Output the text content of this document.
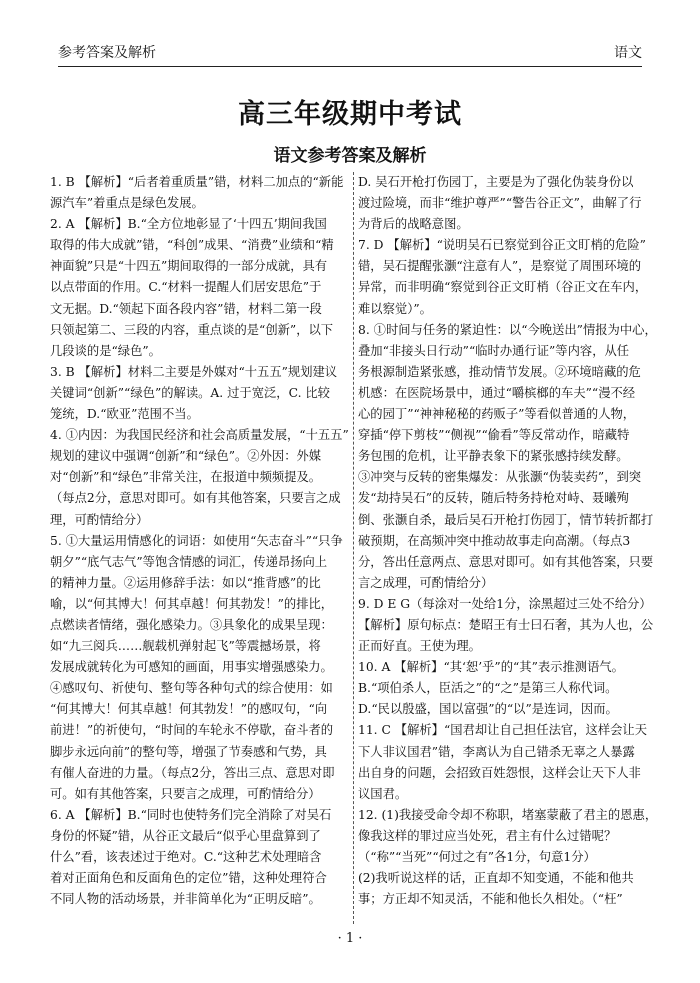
参考答案及解析	语文
高三年级期中考试
语文参考答案及解析
1. B 【解析】“后者着重质量”错，材料二加点的“新能
源汽车”着重点是绿色发展。
2. A 【解析】B.“全方位地彰显了‘十四五’期间我国
取得的伟大成就”错，“科创”成果、“消费”业绩和“精
神面貌”只是“十四五”期间取得的一部分成就，具有
以点带面的作用。C.“材料一提醒人们居安思危”于
文无据。D.“领起下面各段内容”错，材料二第一段
只领起第二、三段的内容，重点谈的是“创新”，以下
几段谈的是“绿色”。
3. B 【解析】材料二主要是外媒对“十五五”规划建议
关键词“创新”“绿色”的解读。A. 过于宽泛，C. 比较
笼统，D.“欧亚”范围不当。
4. ①内因：为我国民经济和社会高质量发展，“十五五”
规划的建议中强调“创新”和“绿色”。②外因：外媒
对“创新”和“绿色”非常关注，在报道中频频提及。
（每点2分，意思对即可。如有其他答案，只要言之成
理，可酌情给分）
5. ①大量运用情感化的词语：如使用“矢志奋斗”“只争
朝夕”“底气志气”等饱含情感的词汇，传递昂扬向上
的精神力量。②运用修辞手法：如以“推背感”的比
喻，以“何其博大！何其卓越！何其勃发！”的排比，
点燃读者情绪，强化感染力。③具象化的成果呈现：
如“九三阅兵……舰载机弹射起飞”等震撼场景，将
发展成就转化为可感知的画面，用事实增强感染力。
④感叹句、祈使句、整句等各种句式的综合使用：如
“何其博大！何其卓越！何其勃发！”的感叹句，“向
前进！”的祈使句，“时间的车轮永不停歇，奋斗者的
脚步永远向前”的整句等，增强了节奏感和气势，具
有催人奋进的力量。（每点2分，答出三点、意思对即
可。如有其他答案，只要言之成理，可酌情给分）
6. A 【解析】B.“同时也使特务们完全消除了对吴石
身份的怀疑”错，从谷正文最后“似乎心里盘算到了
什么”看，该表述过于绝对。C.“这种艺术处理暗含
着对正面角色和反面角色的定位”错，这种处理符合
不同人物的活动场景，并非简单化为“正明反暗”。
D. 吴石开枪打伤园丁，主要是为了强化伪装身份以
渡过险境，而非“维护尊严”“警告谷正文”，曲解了行
为背后的战略意图。
7. D 【解析】“说明吴石已察觉到谷正文盯梢的危险”
错，吴石提醒张灏“注意有人”，是察觉了周围环境的
异常，而非明确“察觉到谷正文盯梢（谷正文在车内，
难以察觉）”。
8. ①时间与任务的紧迫性：以“今晚送出”情报为中心，
叠加“非接头日行动”“临时办通行证”等内容，从任
务根源制造紧张感，推动情节发展。②环境暗藏的危
机感：在医院场景中，通过“嚼槟榔的车夫”“漫不经
心的园丁”“神神秘秘的药贩子”等看似普通的人物，
穿插“停下剪枝”“侧视”“偷看”等反常动作，暗藏特
务包围的危机，让平静表象下的紧张感持续发酵。
③冲突与反转的密集爆发：从张灏“伪装卖药”，到突
发“劫持吴石”的反转，随后特务持枪对峙、聂曦殉
倒、张灏自杀，最后吴石开枪打伤园丁，情节转折都打
破预期，在高频冲突中推动故事走向高潮。（每点3
分，答出任意两点、意思对即可。如有其他答案，只要
言之成理，可酌情给分）
9. D E G（每涂对一处给1分，涂黑超过三处不给分）
【解析】原句标点：楚昭王有士曰石奢，其为人也，公
正而好直。王使为理。
10. A 【解析】“其‘恕’乎”的“其”表示推测语气。
B.“项伯杀人，臣活之”的“之”是第三人称代词。
D.“民以殷盛，国以富强”的“以”是连词，因而。
11. C 【解析】“国君却让自己担任法官，这样会让天
下人非议国君”错，李离认为自己错杀无辜之人暴露
出自身的问题，会招致百姓怨恨，这样会让天下人非
议国君。
12. (1)我接受命令却不称职，堵塞蒙蔽了君主的恩惠，
像我这样的罪过应当处死，君主有什么过错呢？
（“称”“当死”“何过之有”各1分，句意1分）
(2)我听说这样的话，正直却不知变通，不能和他共
事；方正却不知灵活，不能和他长久相处。（“枉”
· 1 ·
